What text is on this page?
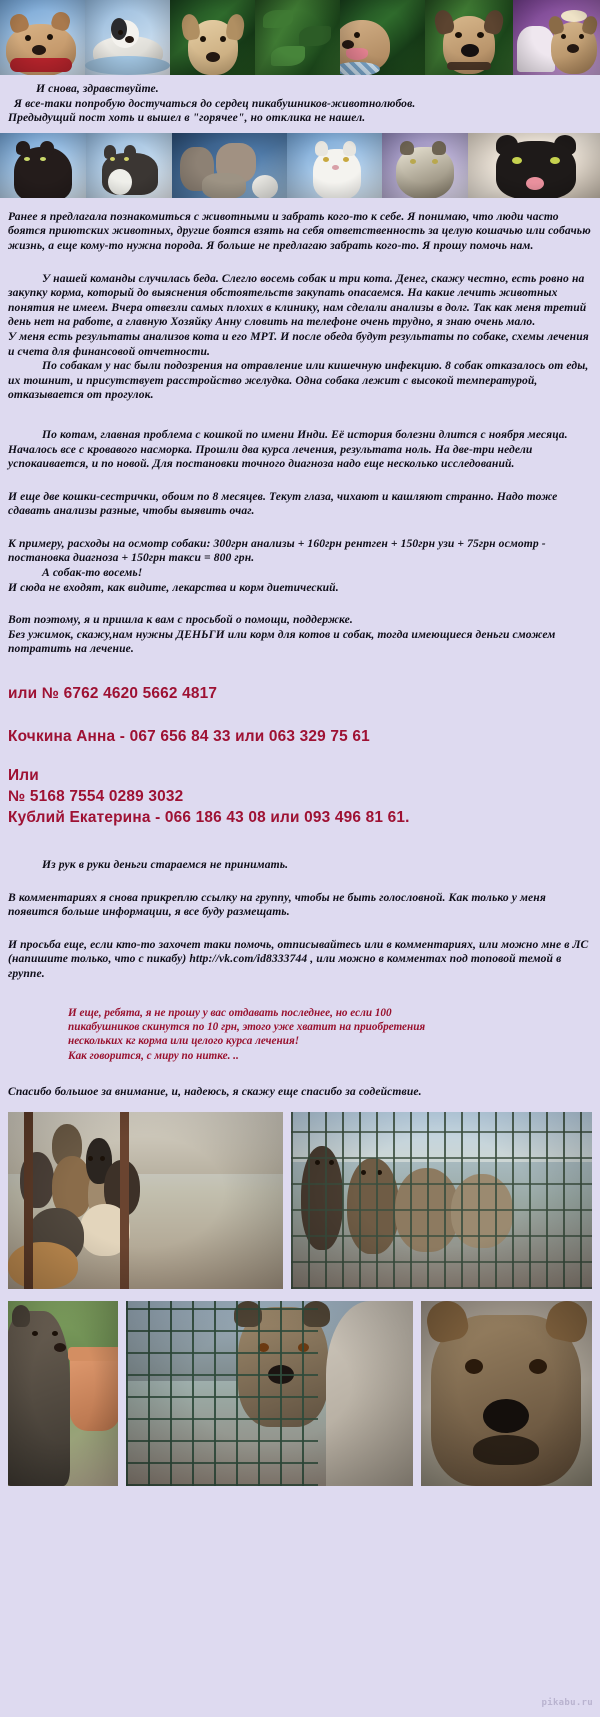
И снова, здравствуйте.

Я все-таки попробую достучаться до сердец пикабушников-животнолюбов.

Предыдущий пост хоть и вышел в "горячее", но отклика не нашел.

Ранее я предлагала познакомиться с животными и забрать кого-то к себе. Я понимаю, что люди часто боятся приютских животных, другие боятся взять на себя ответственность за целую кошачью или собачью жизнь, а еще кому-то нужна порода. Я больше не предлагаю забрать кого-то. Я прошу помочь нам.

У нашей команды случилась беда. Слегло восемь собак и три кота. Денег, скажу честно, есть ровно на закупку корма, который до выяснения обстоятельств закупать опасаемся. На какие лечить животных понятия не имеем. Вчера отвезли самых плохих в клинику, нам сделали анализы в долг. Так как меня третий день нет на работе, а главную Хозяйку Анну словить на телефоне очень трудно, я знаю очень мало.

У меня есть результаты анализов кота и его МРТ. И после обеда будут результаты по собаке, схемы лечения и счета для финансовой отчетности.

По собакам у нас были подозрения на отравление или кишечную инфекцию. 8 собак отказалось от еды, их тошнит, и присутствует расстройство желудка. Одна собака лежит с высокой температурой, отказывается от прогулок.

По котам, главная проблема с кошкой по имени Инди. Её история болезни длится с ноября месяца. Началось все с кровавого насморка. Прошли два курса лечения, результата ноль. На две-три недели успокаивается, и по новой. Для постановки точного диагноза надо еще несколько исследований.

И еще две кошки-сестрички, обоим по 8 месяцев. Текут глаза, чихают и кашляют странно. Надо тоже сдавать анализы разные, чтобы выявить очаг.

К примеру, расходы на осмотр собаки: 300грн анализы + 160грн рентген + 150грн узи + 75грн осмотр - постановка диагноза + 150грн такси = 800 грн.

А собак-то восемь!

И сюда не входят, как видите, лекарства и корм диетический.

Вот поэтому, я и пришла к вам с просьбой о помощи, поддержке.

Без ужимок, скажу,нам нужны ДЕНЬГИ или корм для котов и собак, тогда имеющиеся деньги сможем потратить на лечение.

или № 6762 4620 5662 4817

Кочкина Анна - 067 656 84 33 или 063 329 75 61

Или

№ 5168 7554 0289 3032

Кублий Екатерина - 066 186 43 08 или 093 496 81 61.

Из рук в руки деньги стараемся не принимать.

В комментариях я снова прикреплю ссылку на группу, чтобы не быть голословной. Как только у меня появится больше информации, я все буду размещать.

И просьба еще, если кто-то захочет таки помочь, отписывайтесь или в комментариях, или можно мне в ЛС (напишите только, что с пикабу) http://vk.com/id8333744 , или можно в комментах под топовой темой в группе.

И еще, ребята, я не прошу у вас отдавать последнее, но если 100

пикабушников скинутся по 10 грн, этого уже хватит на приобретения

нескольких кг корма или целого курса лечения!

Как говорится, с миру по нитке. ..

Спасибо большое за внимание, и, надеюсь, я скажу еще спасибо за содействие.

pikabu.ru
